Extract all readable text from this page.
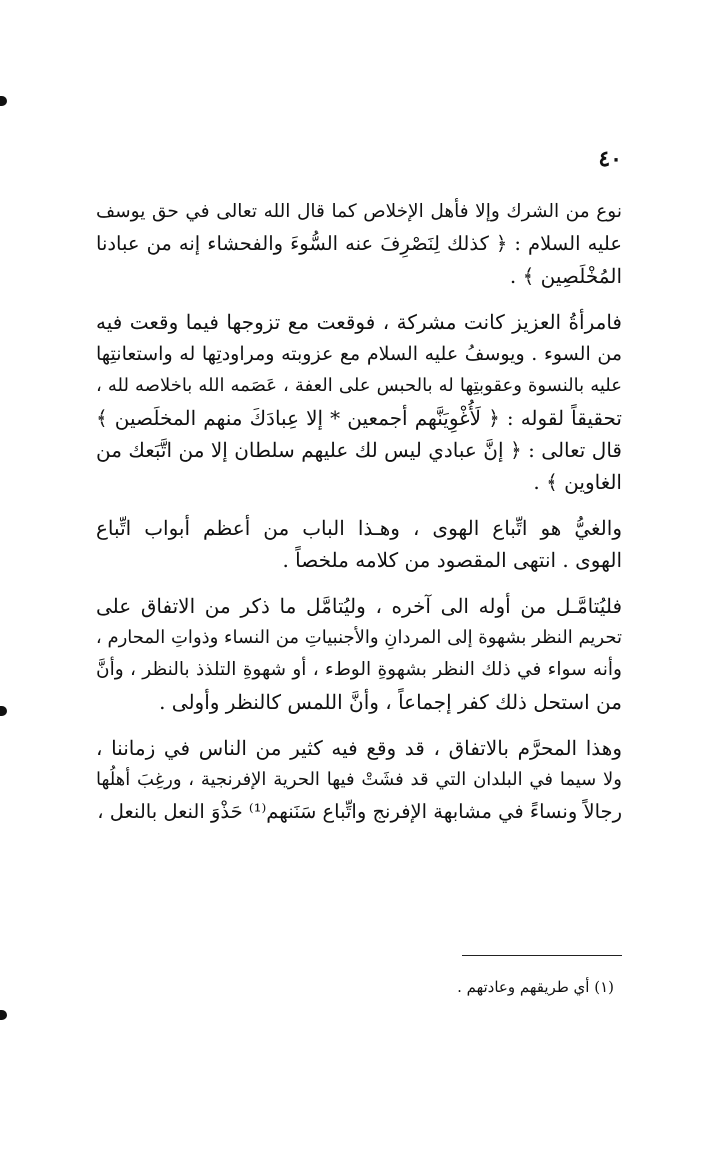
٤٠
نوع من الشرك وإلا فأهل الإخلاص كما قال الله تعالى في حق يوسف
عليه السلام : ﴿ كذلك لِنَصْرِفَ عنه السُّوءَ والفحشاء إنه من عبادنا
المُخْلَصِين ﴾ .
فامرأةُ العزيز كانت مشركة ، فوقعت مع تزوجها فيما وقعت فيه
من السوء . ويوسفُ عليه السلام مع عزوبته ومراودتِها له واستعانتِها
عليه بالنسوة وعقوبتِها له بالحبس على العفة ، عَصَمه الله باخلاصه لله ،
تحقيقاً لقوله : ﴿ لَأُغْوِيَنَّهم أجمعين * إلا عِبادَكَ منهم المخلَصين ﴾
قال تعالى : ﴿ إنَّ عبادي ليس لك عليهم سلطان إلا من اتَّبَعك من
الغاوين ﴾ .
والغيُّ هو اتِّباع الهوى ، وهـذا الباب من أعظم أبواب اتِّباع
الهوى . انتهى المقصود من كلامه ملخصاً .
فليُتامَّـل من أوله الى آخره ، وليُتامَّل ما ذكر من الاتفاق على
تحريم النظر بشهوة إلى المردانِ والأجنبياتِ من النساء وذواتِ المحارم ،
وأنه سواء في ذلك النظر بشهوةِ الوطء ، أو شهوةِ التلذذ بالنظر ، وأنَّ
من استحل ذلك كفر إجماعاً ، وأنَّ اللمس كالنظر وأولى .
وهذا المحرَّم بالاتفاق ، قد وقع فيه كثير من الناس في زماننا ،
ولا سيما في البلدان التي قد فشَتْ فيها الحرية الإفرنجية ، ورغِبَ أهلُها
رجالاً ونساءً في مشابهة الإفرنج واتِّباع سَنَنهم⁽¹⁾ حَذْوَ النعل بالنعل ،
(١) أي طريقهم وعادتهم .
